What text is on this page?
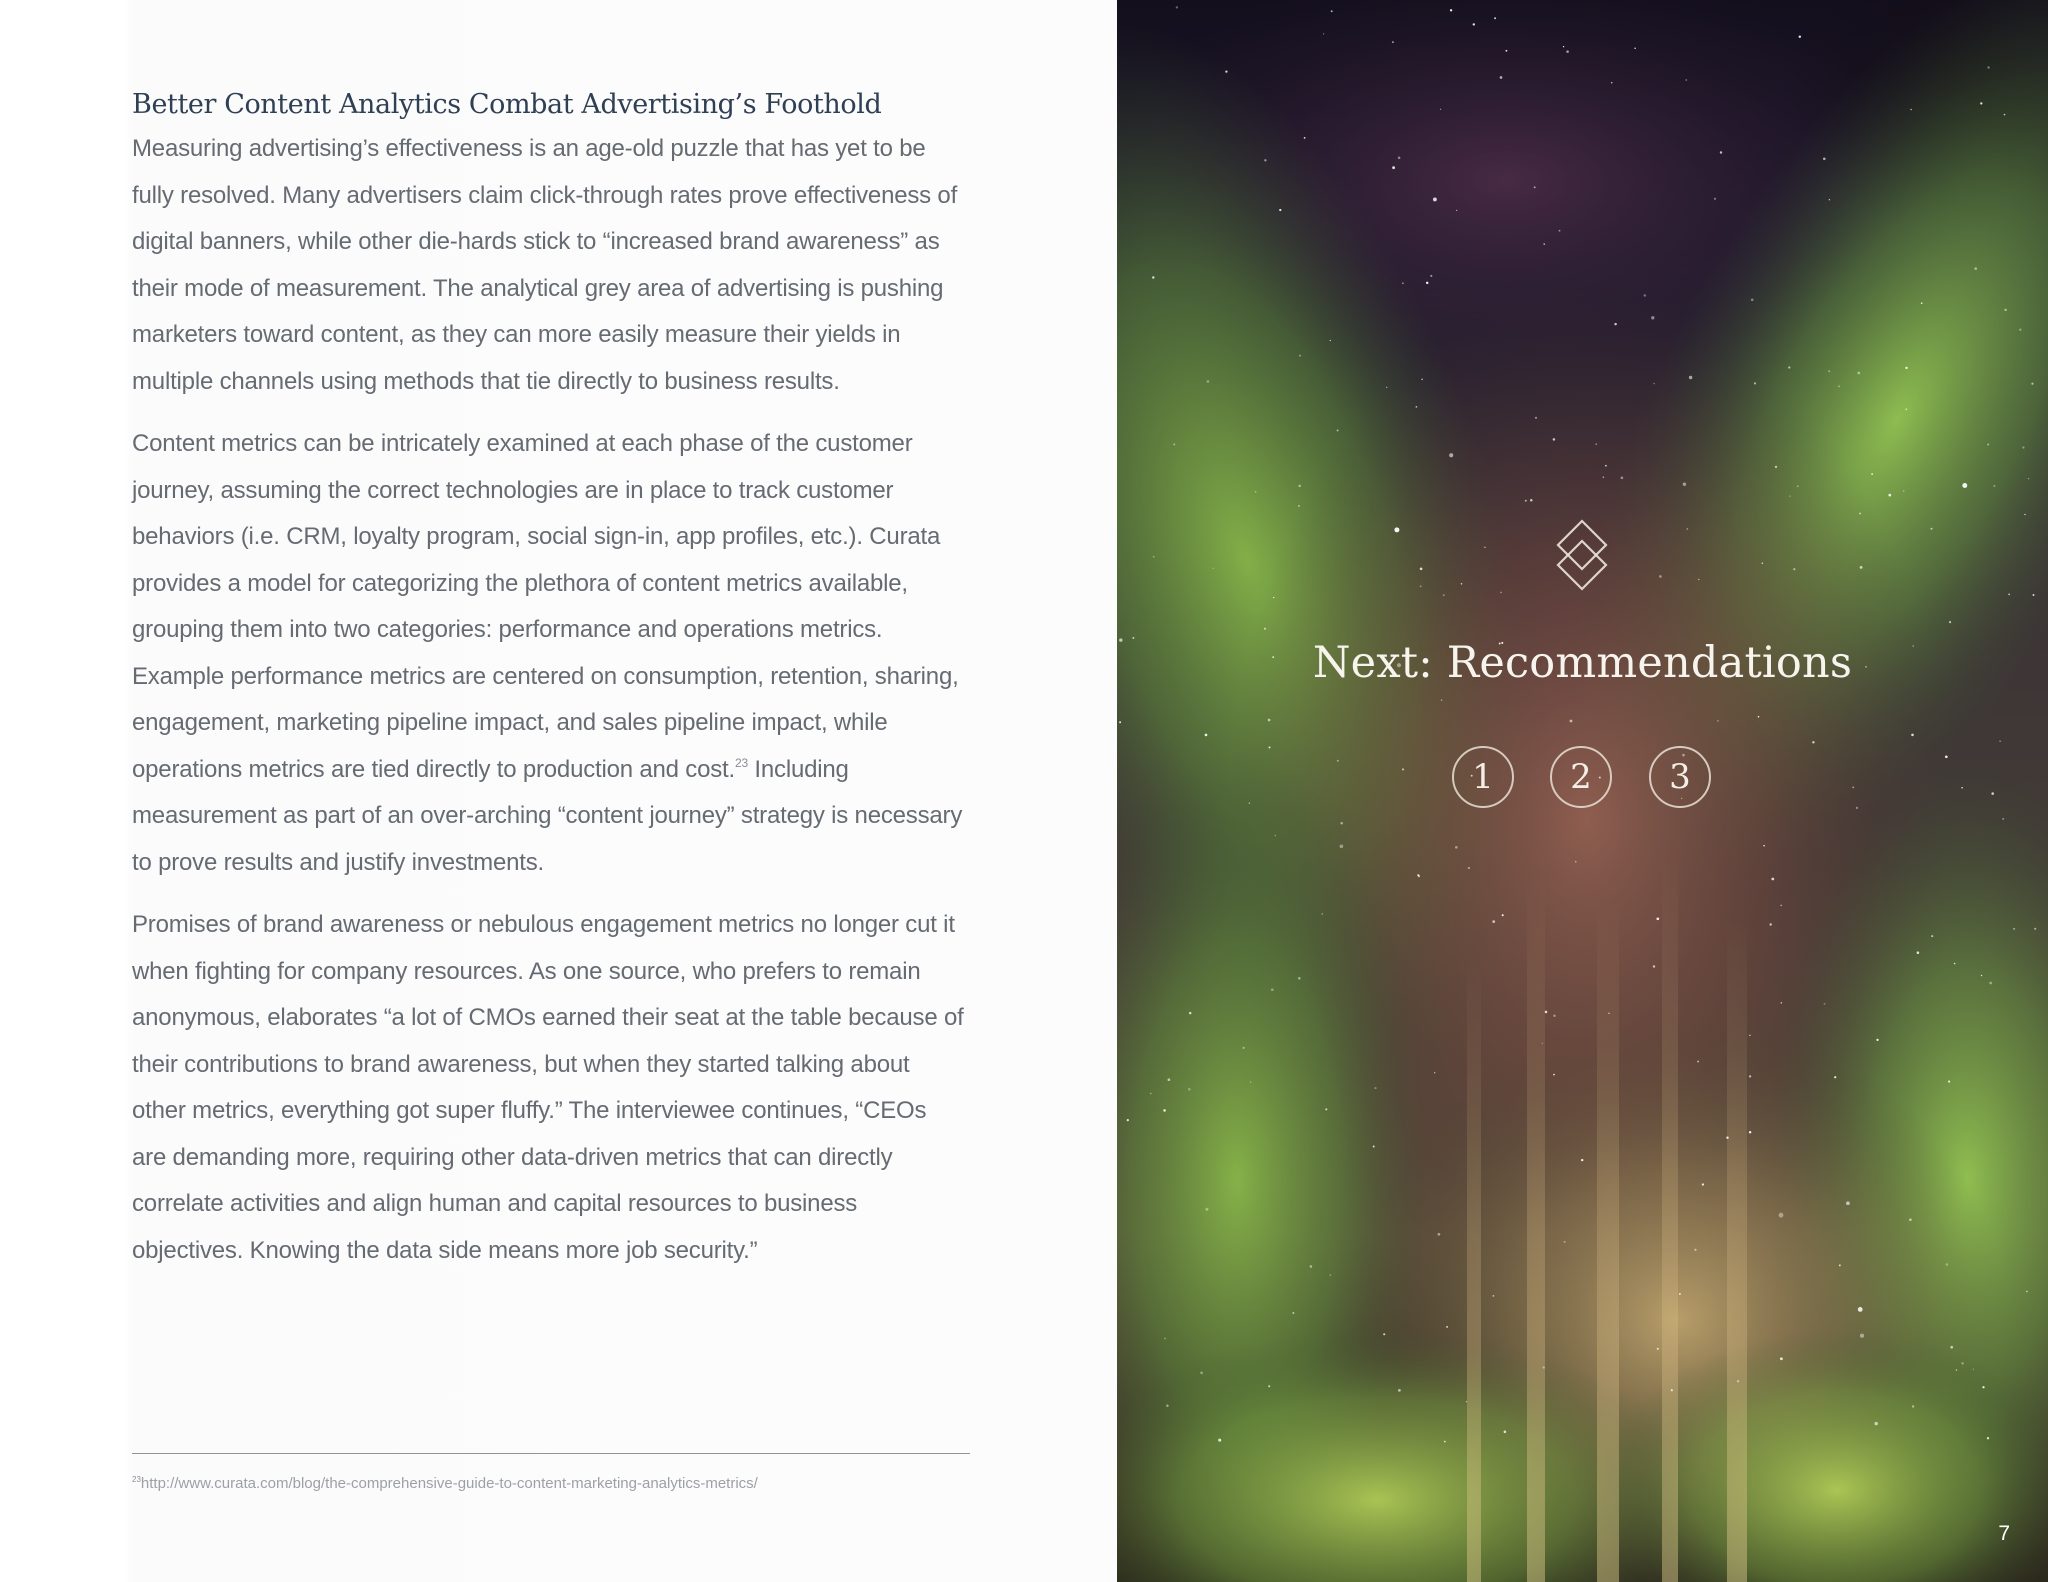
Better Content Analytics Combat Advertising’s Foothold

Measuring advertising’s effectiveness is an age-old puzzle that has yet to be fully resolved. Many advertisers claim click-through rates prove effectiveness of digital banners, while other die-hards stick to “increased brand awareness” as their mode of measurement. The analytical grey area of advertising is pushing marketers toward content, as they can more easily measure their yields in multiple channels using methods that tie directly to business results.

Content metrics can be intricately examined at each phase of the customer journey, assuming the correct technologies are in place to track customer behaviors (i.e. CRM, loyalty program, social sign-in, app profiles, etc.). Curata provides a model for categorizing the plethora of content metrics available, grouping them into two categories: performance and operations metrics. Example performance metrics are centered on consumption, retention, sharing, engagement, marketing pipeline impact, and sales pipeline impact, while operations metrics are tied directly to production and cost.$^{23}$ Including measurement as part of an over-arching “content journey” strategy is necessary to prove results and justify investments.

Promises of brand awareness or nebulous engagement metrics no longer cut it when fighting for company resources. As one source, who prefers to remain anonymous, elaborates “a lot of CMOs earned their seat at the table because of their contributions to brand awareness, but when they started talking about other metrics, everything got super fluffy.” The interviewee continues, “CEOs are demanding more, requiring other data-driven metrics that can directly correlate activities and align human and capital resources to business objectives. Knowing the data side means more job security.”

$^{23}$http://www.curata.com/blog/the-comprehensive-guide-to-content-marketing-analytics-metrics/
Next: Recommendations
1	2	3
7
